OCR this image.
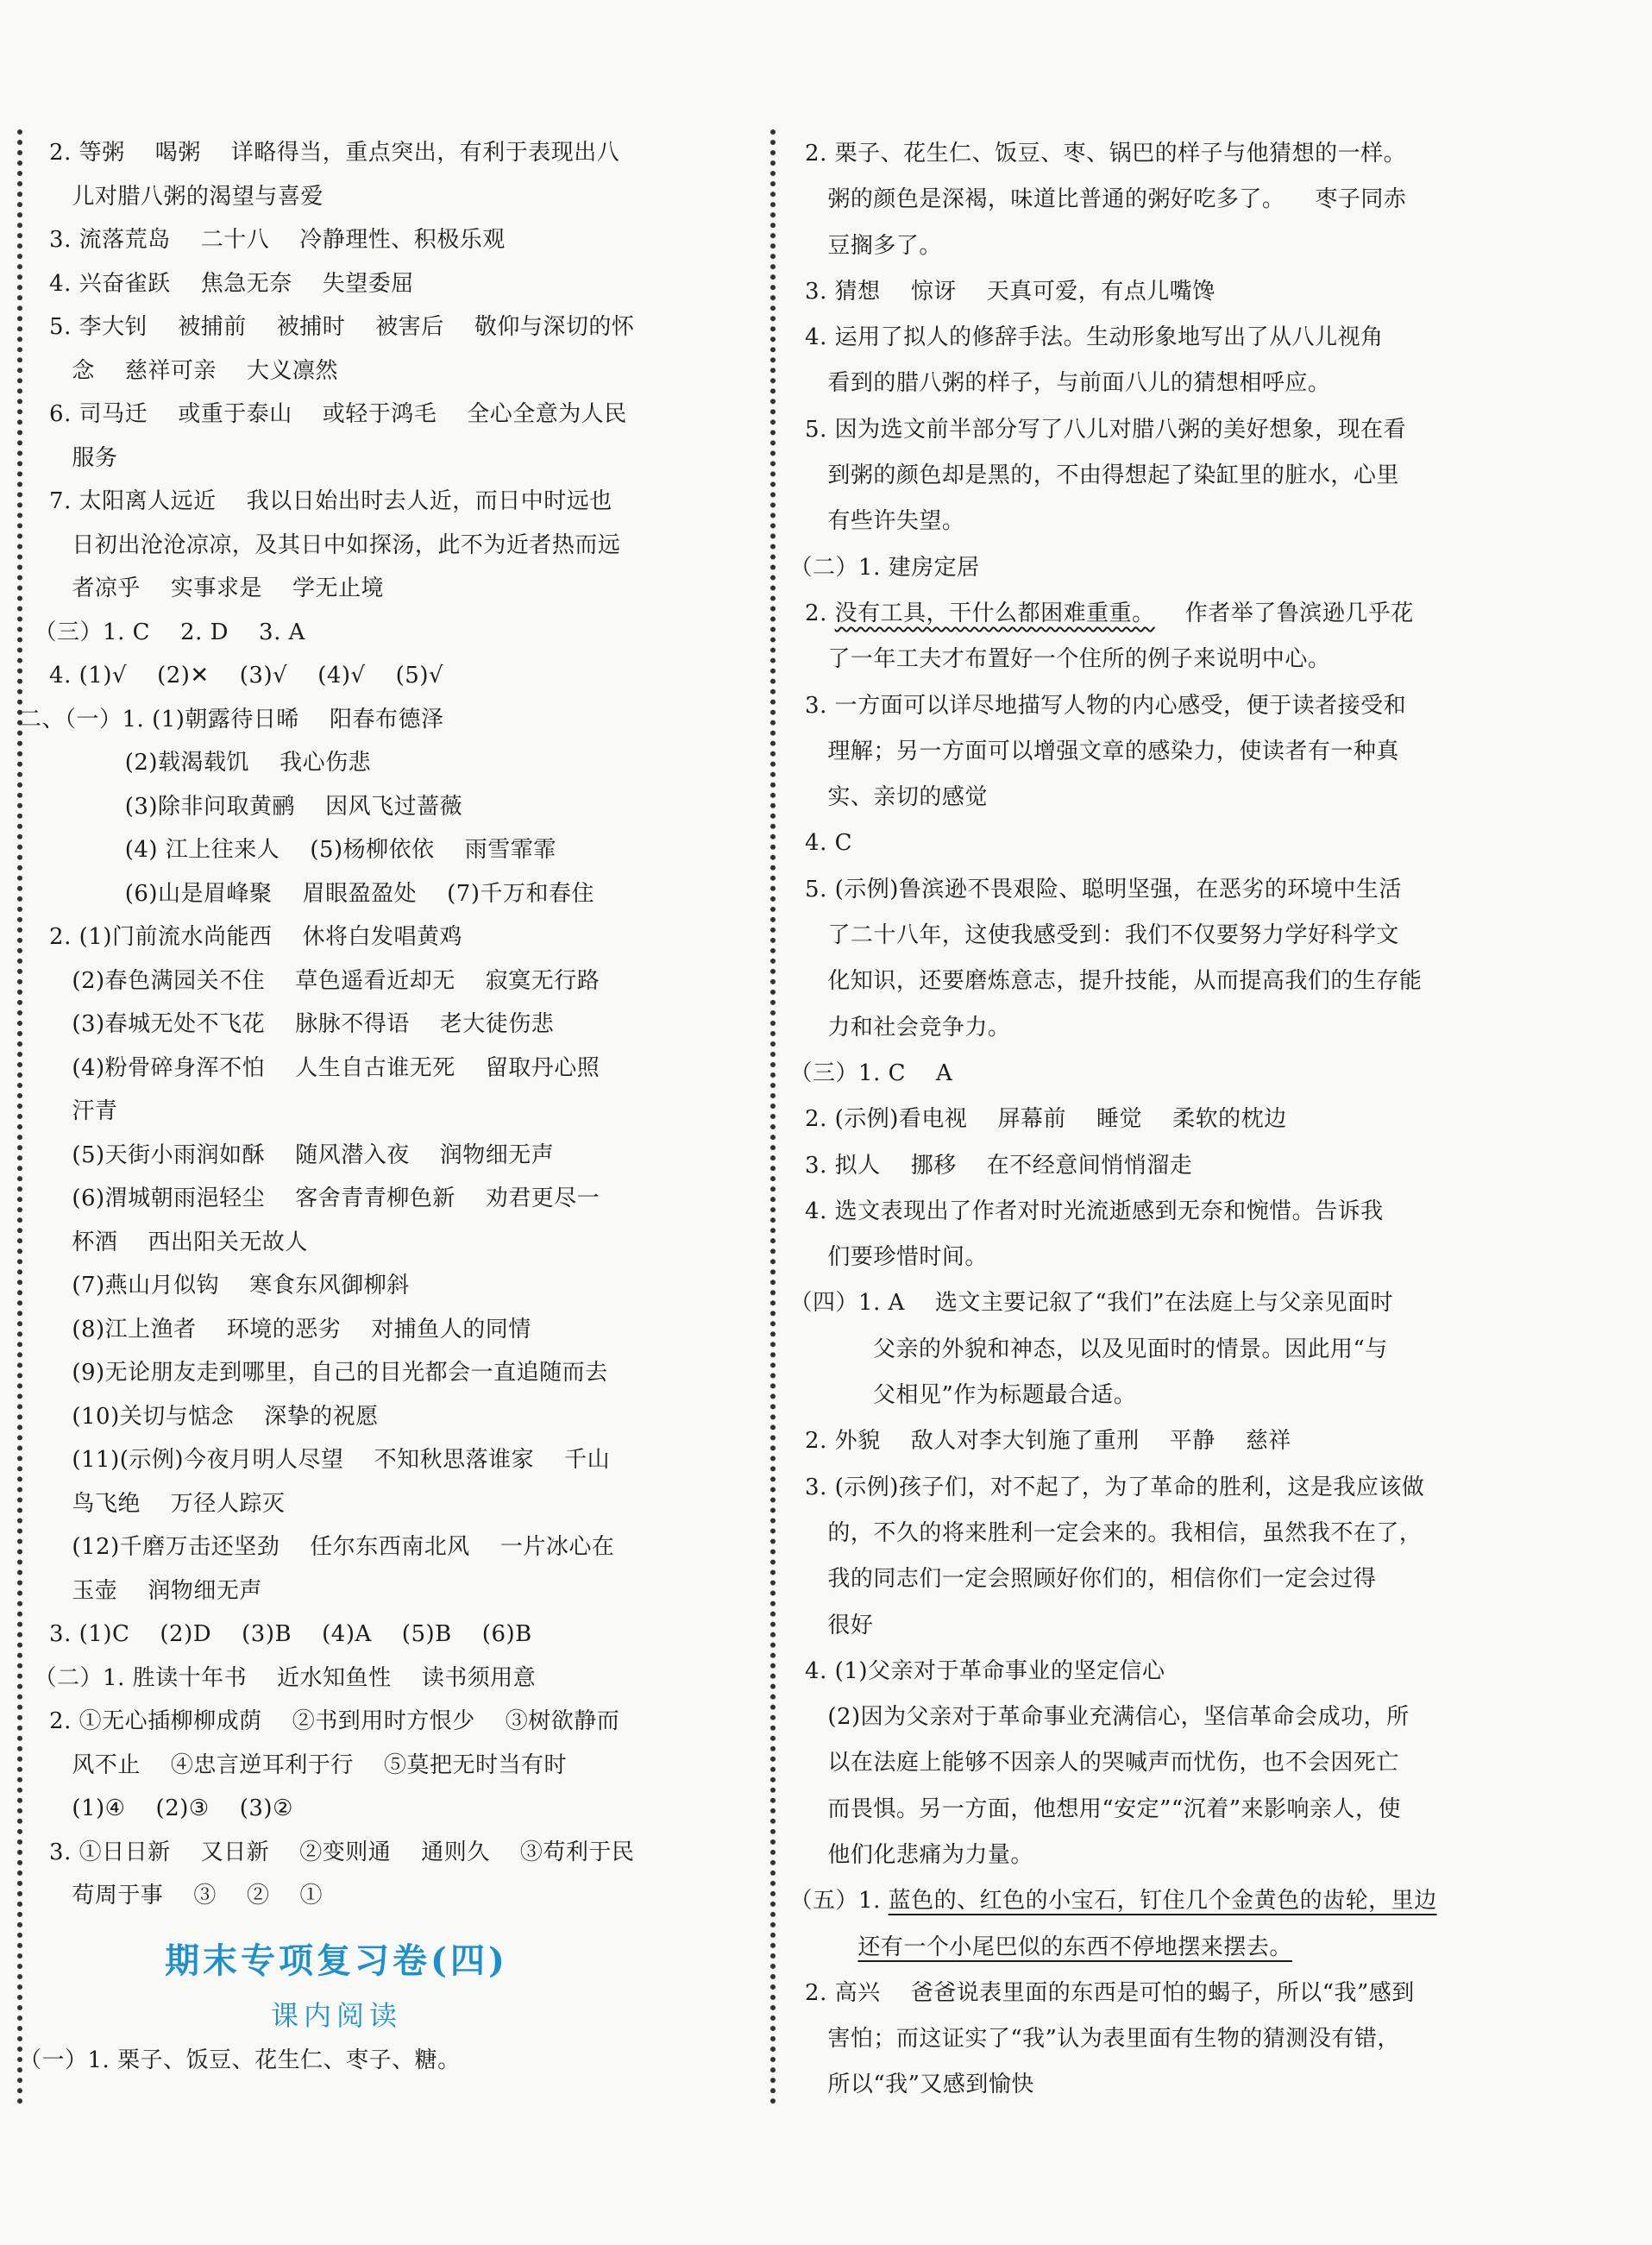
2. 等粥    喝粥    详略得当，重点突出，有利于表现出八
儿对腊八粥的渴望与喜爱
3. 流落荒岛    二十八    冷静理性、积极乐观
4. 兴奋雀跃    焦急无奈    失望委屈
5. 李大钊    被捕前    被捕时    被害后    敬仰与深切的怀
念    慈祥可亲    大义凛然
6. 司马迁    或重于泰山    或轻于鸿毛    全心全意为人民
服务
7. 太阳离人远近    我以日始出时去人近，而日中时远也
日初出沧沧凉凉，及其日中如探汤，此不为近者热而远
者凉乎    实事求是    学无止境
（三）1. C    2. D    3. A
4. (1)√    (2)✕    (3)√    (4)√    (5)√
二、（一）1. (1)朝露待日晞    阳春布德泽
(2)载渴载饥    我心伤悲
(3)除非问取黄鹂    因风飞过蔷薇
(4) 江上往来人    (5)杨柳依依    雨雪霏霏
(6)山是眉峰聚    眉眼盈盈处    (7)千万和春住
2. (1)门前流水尚能西    休将白发唱黄鸡
(2)春色满园关不住    草色遥看近却无    寂寞无行路
(3)春城无处不飞花    脉脉不得语    老大徒伤悲
(4)粉骨碎身浑不怕    人生自古谁无死    留取丹心照
汗青
(5)天街小雨润如酥    随风潜入夜    润物细无声
(6)渭城朝雨浥轻尘    客舍青青柳色新    劝君更尽一
杯酒    西出阳关无故人
(7)燕山月似钩    寒食东风御柳斜
(8)江上渔者    环境的恶劣    对捕鱼人的同情
(9)无论朋友走到哪里，自己的目光都会一直追随而去
(10)关切与惦念    深挚的祝愿
(11)(示例)今夜月明人尽望    不知秋思落谁家    千山
鸟飞绝    万径人踪灭
(12)千磨万击还坚劲    任尔东西南北风    一片冰心在
玉壶    润物细无声
3. (1)C    (2)D    (3)B    (4)A    (5)B    (6)B
（二）1. 胜读十年书    近水知鱼性    读书须用意
2. ①无心插柳柳成荫    ②书到用时方恨少    ③树欲静而
风不止    ④忠言逆耳利于行    ⑤莫把无时当有时
(1)④    (2)③    (3)②
3. ①日日新    又日新    ②变则通    通则久    ③苟利于民
苟周于事    ③    ②    ①
期末专项复习卷(四)
课内阅读
（一）1. 栗子、饭豆、花生仁、枣子、糖。
2. 栗子、花生仁、饭豆、枣、锅巴的样子与他猜想的一样。
粥的颜色是深褐，味道比普通的粥好吃多了。    枣子同赤
豆搁多了。
3. 猜想    惊讶    天真可爱，有点儿嘴馋
4. 运用了拟人的修辞手法。生动形象地写出了从八儿视角
看到的腊八粥的样子，与前面八儿的猜想相呼应。
5. 因为选文前半部分写了八儿对腊八粥的美好想象，现在看
到粥的颜色却是黑的，不由得想起了染缸里的脏水，心里
有些许失望。
（二）1. 建房定居
2. 没有工具，干什么都困难重重。    作者举了鲁滨逊几乎花
了一年工夫才布置好一个住所的例子来说明中心。
3. 一方面可以详尽地描写人物的内心感受，便于读者接受和
理解；另一方面可以增强文章的感染力，使读者有一种真
实、亲切的感觉
4. C
5. (示例)鲁滨逊不畏艰险、聪明坚强，在恶劣的环境中生活
了二十八年，这使我感受到：我们不仅要努力学好科学文
化知识，还要磨炼意志，提升技能，从而提高我们的生存能
力和社会竞争力。
（三）1. C    A
2. (示例)看电视    屏幕前    睡觉    柔软的枕边
3. 拟人    挪移    在不经意间悄悄溜走
4. 选文表现出了作者对时光流逝感到无奈和惋惜。告诉我
们要珍惜时间。
（四）1. A    选文主要记叙了“我们”在法庭上与父亲见面时
父亲的外貌和神态，以及见面时的情景。因此用“与
父相见”作为标题最合适。
2. 外貌    敌人对李大钊施了重刑    平静    慈祥
3. (示例)孩子们，对不起了，为了革命的胜利，这是我应该做
的，不久的将来胜利一定会来的。我相信，虽然我不在了，
我的同志们一定会照顾好你们的，相信你们一定会过得
很好
4. (1)父亲对于革命事业的坚定信心
(2)因为父亲对于革命事业充满信心，坚信革命会成功，所
以在法庭上能够不因亲人的哭喊声而忧伤，也不会因死亡
而畏惧。另一方面，他想用“安定”“沉着”来影响亲人，使
他们化悲痛为力量。
（五）1. 蓝色的、红色的小宝石，钉住几个金黄色的齿轮，里边
还有一个小尾巴似的东西不停地摆来摆去。
2. 高兴    爸爸说表里面的东西是可怕的蝎子，所以“我”感到
害怕；而这证实了“我”认为表里面有生物的猜测没有错，
所以“我”又感到愉快
